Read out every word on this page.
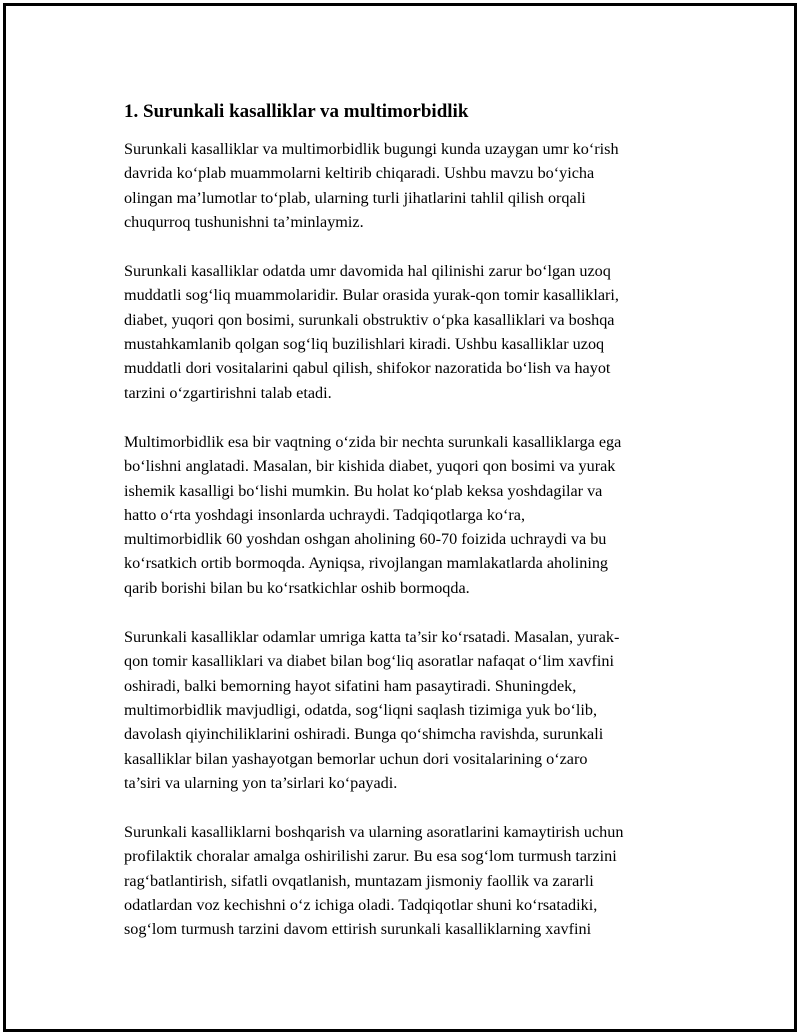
1. Surunkali kasalliklar va multimorbidlik

Surunkali kasalliklar va multimorbidlik bugungi kunda uzaygan umr ko‘rish
davrida ko‘plab muammolarni keltirib chiqaradi. Ushbu mavzu bo‘yicha
olingan ma’lumotlar to‘plab, ularning turli jihatlarini tahlil qilish orqali
chuqurroq tushunishni ta’minlaymiz.

Surunkali kasalliklar odatda umr davomida hal qilinishi zarur bo‘lgan uzoq
muddatli sog‘liq muammolaridir. Bular orasida yurak-qon tomir kasalliklari,
diabet, yuqori qon bosimi, surunkali obstruktiv o‘pka kasalliklari va boshqa
mustahkamlanib qolgan sog‘liq buzilishlari kiradi. Ushbu kasalliklar uzoq
muddatli dori vositalarini qabul qilish, shifokor nazoratida bo‘lish va hayot
tarzini o‘zgartirishni talab etadi.

Multimorbidlik esa bir vaqtning o‘zida bir nechta surunkali kasalliklarga ega
bo‘lishni anglatadi. Masalan, bir kishida diabet, yuqori qon bosimi va yurak
ishemik kasalligi bo‘lishi mumkin. Bu holat ko‘plab keksa yoshdagilar va
hatto o‘rta yoshdagi insonlarda uchraydi. Tadqiqotlarga ko‘ra,
multimorbidlik 60 yoshdan oshgan aholining 60-70 foizida uchraydi va bu
ko‘rsatkich ortib bormoqda. Ayniqsa, rivojlangan mamlakatlarda aholining
qarib borishi bilan bu ko‘rsatkichlar oshib bormoqda.

Surunkali kasalliklar odamlar umriga katta ta’sir ko‘rsatadi. Masalan, yurak-
qon tomir kasalliklari va diabet bilan bog‘liq asoratlar nafaqat o‘lim xavfini
oshiradi, balki bemorning hayot sifatini ham pasaytiradi. Shuningdek,
multimorbidlik mavjudligi, odatda, sog‘liqni saqlash tizimiga yuk bo‘lib,
davolash qiyinchiliklarini oshiradi. Bunga qo‘shimcha ravishda, surunkali
kasalliklar bilan yashayotgan bemorlar uchun dori vositalarining o‘zaro
ta’siri va ularning yon ta’sirlari ko‘payadi.

Surunkali kasalliklarni boshqarish va ularning asoratlarini kamaytirish uchun
profilaktik choralar amalga oshirilishi zarur. Bu esa sog‘lom turmush tarzini
rag‘batlantirish, sifatli ovqatlanish, muntazam jismoniy faollik va zararli
odatlardan voz kechishni o‘z ichiga oladi. Tadqiqotlar shuni ko‘rsatadiki,
sog‘lom turmush tarzini davom ettirish surunkali kasalliklarning xavfini
